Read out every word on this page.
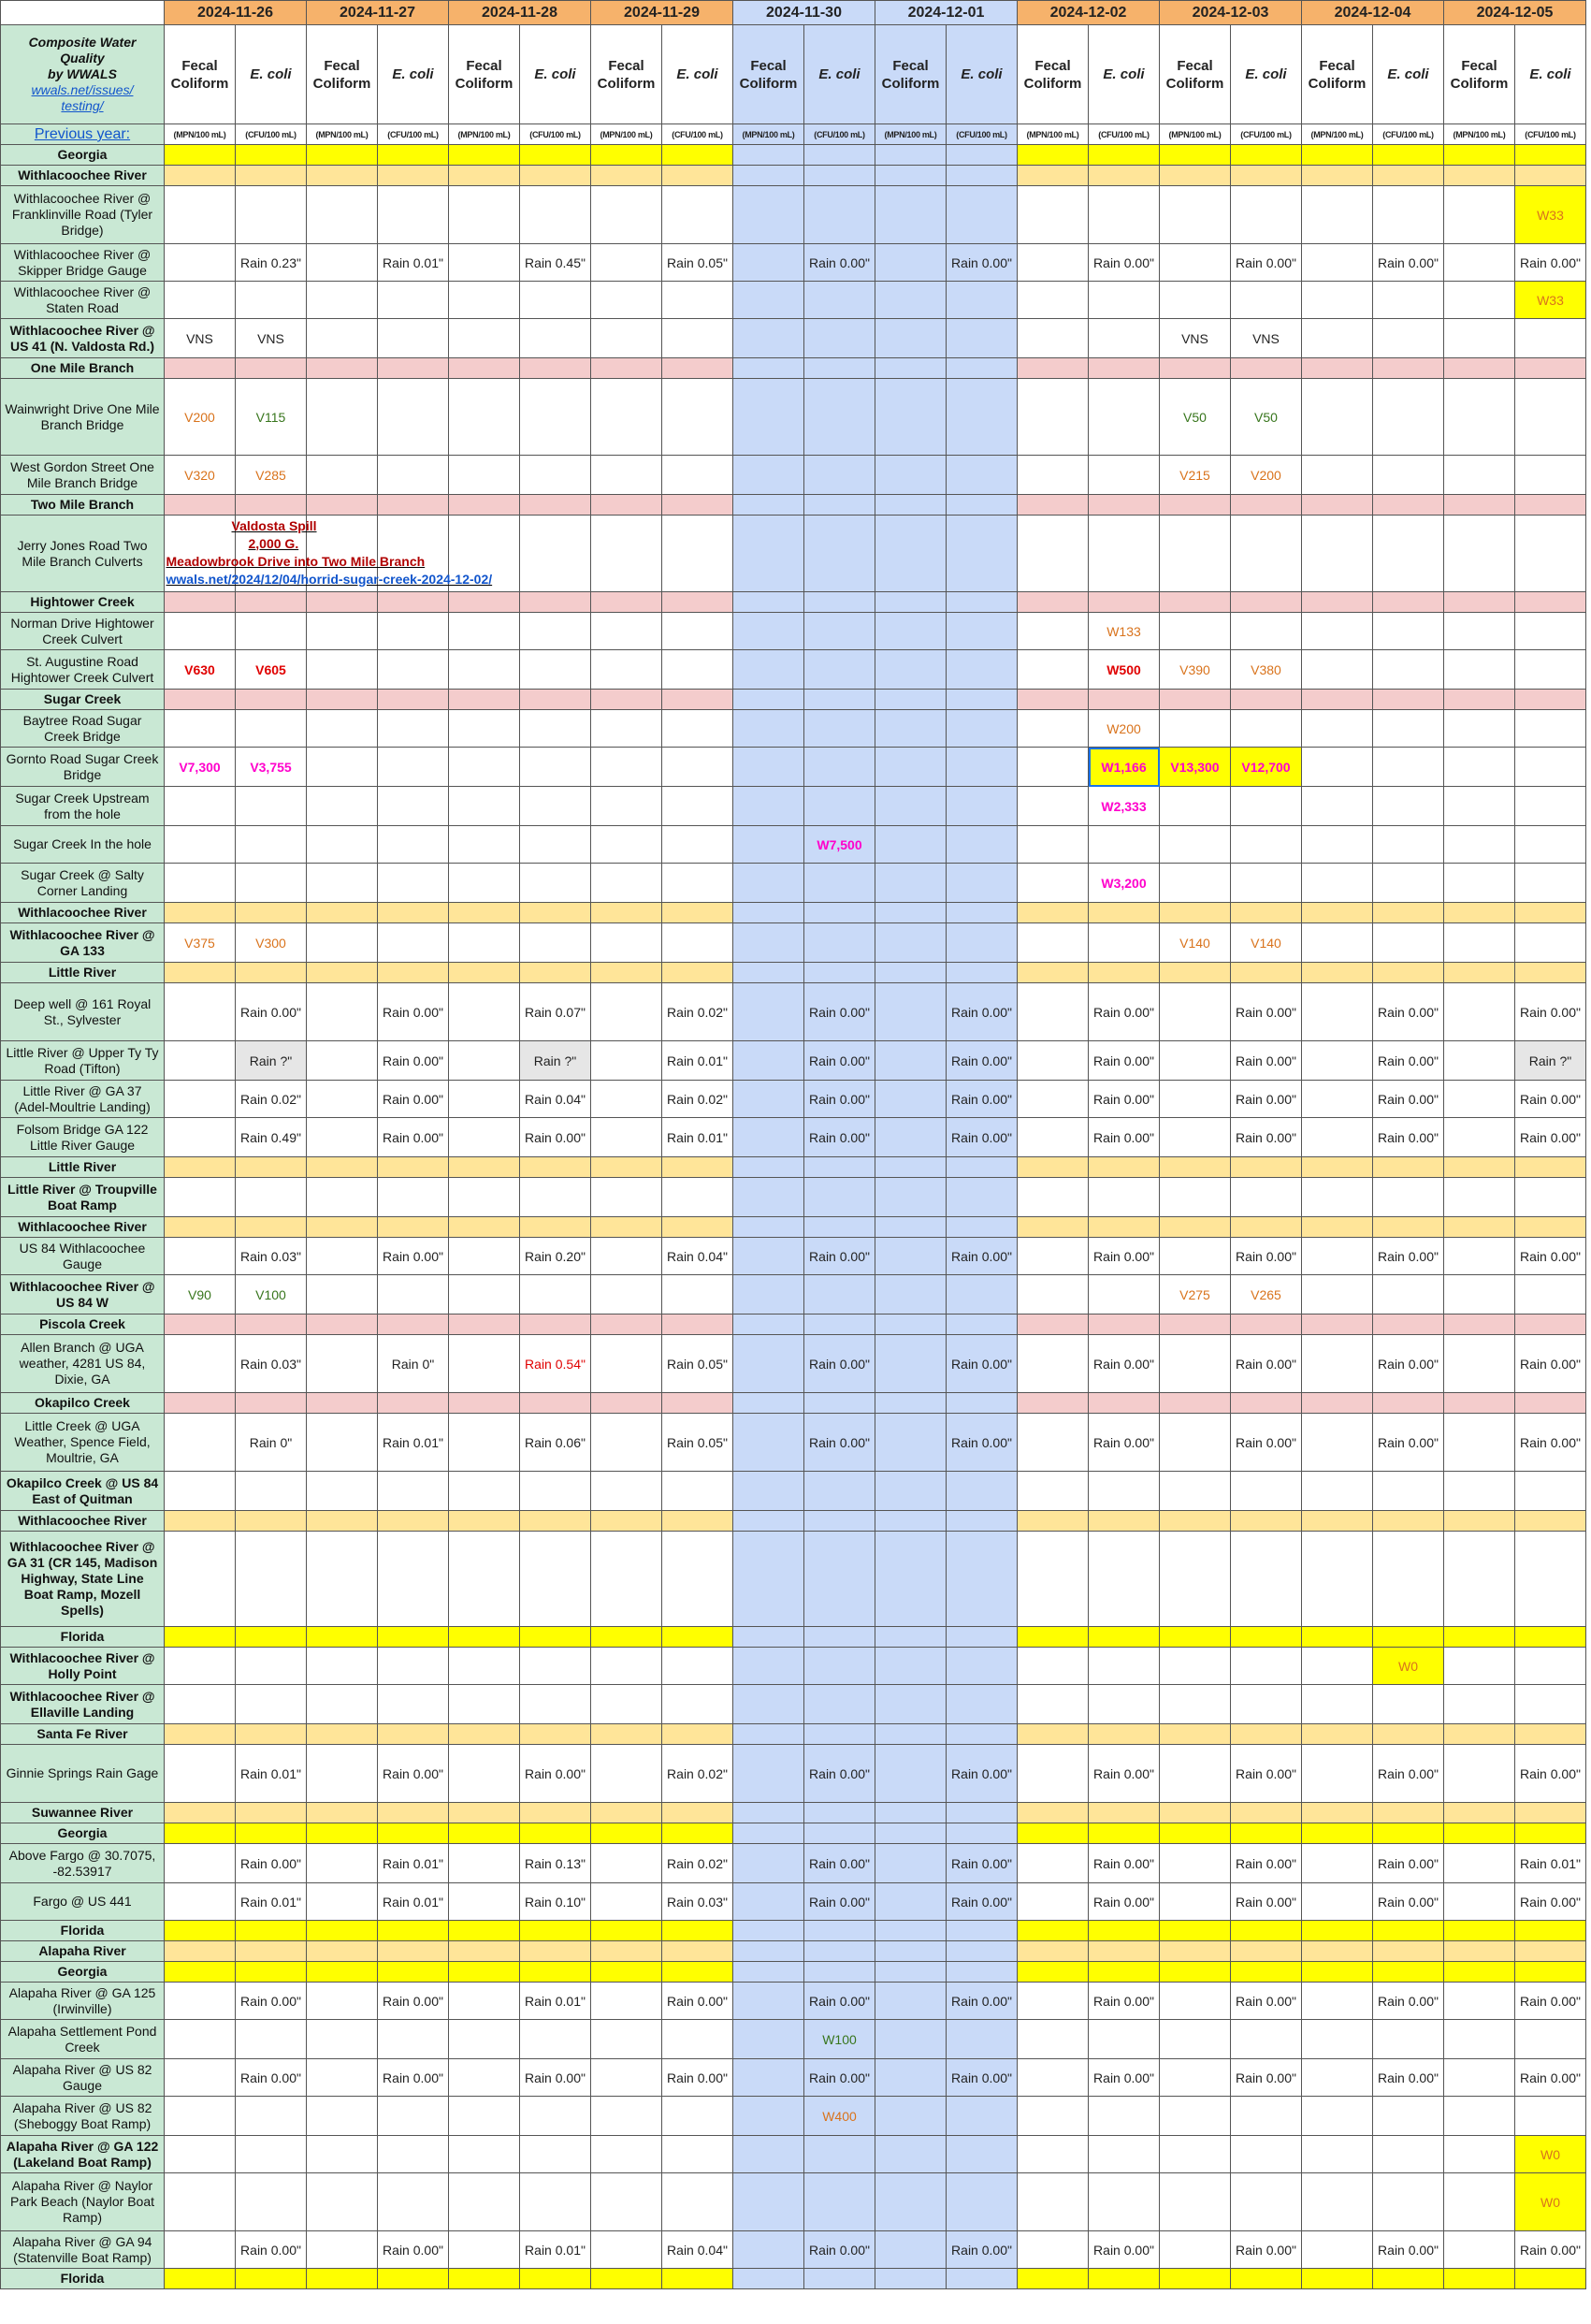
	2024-11-26		2024-11-27		2024-11-28		2024-11-29		2024-11-30		2024-12-01		2024-12-02		2024-12-03		2024-12-04		2024-12-05	

Composite Water
Quality
by WWALS
wwals.net/issues/
testing/	Fecal Coliform	E. coli	Fecal Coliform	E. coli	Fecal Coliform	E. coli	Fecal Coliform	E. coli	Fecal Coliform	E. coli	Fecal Coliform	E. coli	Fecal Coliform	E. coli	Fecal Coliform	E. coli	Fecal Coliform	E. coli	Fecal Coliform	E. coli
Previous year:	(MPN/100 mL)	(CFU/100 mL)	(MPN/100 mL)	(CFU/100 mL)	(MPN/100 mL)	(CFU/100 mL)	(MPN/100 mL)	(CFU/100 mL)	(MPN/100 mL)	(CFU/100 mL)	(MPN/100 mL)	(CFU/100 mL)	(MPN/100 mL)	(CFU/100 mL)	(MPN/100 mL)	(CFU/100 mL)	(MPN/100 mL)	(CFU/100 mL)	(MPN/100 mL)	(CFU/100 mL)
Georgia																				
Withlacoochee River																				
Withlacoochee River @ Franklinville Road (Tyler Bridge)																				W33
Withlacoochee River @ Skipper Bridge Gauge		Rain 0.23"		Rain 0.01"		Rain 0.45"		Rain 0.05"		Rain 0.00"		Rain 0.00"		Rain 0.00"		Rain 0.00"		Rain 0.00"		Rain 0.00"
Withlacoochee River @ Staten Road																				W33
Withlacoochee River @ US 41 (N. Valdosta Rd.)	VNS	VNS													VNS	VNS				
One Mile Branch																				
Wainwright Drive One Mile Branch Bridge	V200	V115													V50	V50				
West Gordon Street One Mile Branch Bridge	V320	V285													V215	V200				
Two Mile Branch																				
Jerry Jones Road Two Mile Branch Culverts																				
Hightower Creek																				
Norman Drive Hightower Creek Culvert														W133						
St. Augustine Road Hightower Creek Culvert	V630	V605												W500	V390	V380				
Sugar Creek																				
Baytree Road Sugar Creek Bridge														W200						
Gornto Road Sugar Creek Bridge	V7,300	V3,755												W1,166	V13,300	V12,700				
Sugar Creek Upstream from the hole														W2,333						
Sugar Creek In the hole										W7,500										
Sugar Creek @ Salty Corner Landing														W3,200						
Withlacoochee River																				
Withlacoochee River @ GA 133	V375	V300													V140	V140				
Little River																				
Deep well @ 161 Royal St., Sylvester		Rain 0.00"		Rain 0.00"		Rain 0.07"		Rain 0.02"		Rain 0.00"		Rain 0.00"		Rain 0.00"		Rain 0.00"		Rain 0.00"		Rain 0.00"
Little River @ Upper Ty Ty Road (Tifton)		Rain ?"		Rain 0.00"		Rain ?"		Rain 0.01"		Rain 0.00"		Rain 0.00"		Rain 0.00"		Rain 0.00"		Rain 0.00"		Rain ?"
Little River @ GA 37 (Adel-Moultrie Landing)		Rain 0.02"		Rain 0.00"		Rain 0.04"		Rain 0.02"		Rain 0.00"		Rain 0.00"		Rain 0.00"		Rain 0.00"		Rain 0.00"		Rain 0.00"
Folsom Bridge GA 122 Little River Gauge		Rain 0.49"		Rain 0.00"		Rain 0.00"		Rain 0.01"		Rain 0.00"		Rain 0.00"		Rain 0.00"		Rain 0.00"		Rain 0.00"		Rain 0.00"
Little River																				
Little River @ Troupville Boat Ramp																				
Withlacoochee River																				
US 84 Withlacoochee Gauge		Rain 0.03"		Rain 0.00"		Rain 0.20"		Rain 0.04"		Rain 0.00"		Rain 0.00"		Rain 0.00"		Rain 0.00"		Rain 0.00"		Rain 0.00"
Withlacoochee River @ US 84 W	V90	V100													V275	V265				
Piscola Creek																				
Allen Branch @ UGA weather, 4281 US 84, Dixie, GA		Rain 0.03"		Rain 0"		Rain 0.54"		Rain 0.05"		Rain 0.00"		Rain 0.00"		Rain 0.00"		Rain 0.00"		Rain 0.00"		Rain 0.00"
Okapilco Creek																				
Little Creek @ UGA Weather, Spence Field, Moultrie, GA		Rain 0"		Rain 0.01"		Rain 0.06"		Rain 0.05"		Rain 0.00"		Rain 0.00"		Rain 0.00"		Rain 0.00"		Rain 0.00"		Rain 0.00"
Okapilco Creek @ US 84 East of Quitman																				
Withlacoochee River																				
Withlacoochee River @ GA 31 (CR 145, Madison Highway, State Line Boat Ramp, Mozell Spells)																				
Florida																				
Withlacoochee River @ Holly Point																		W0		
Withlacoochee River @ Ellaville Landing																				
Santa Fe River																				
Ginnie Springs Rain Gage		Rain 0.01"		Rain 0.00"		Rain 0.00"		Rain 0.02"		Rain 0.00"		Rain 0.00"		Rain 0.00"		Rain 0.00"		Rain 0.00"		Rain 0.00"
Suwannee River																				
Georgia																				
Above Fargo @ 30.7075, -82.53917		Rain 0.00"		Rain 0.01"		Rain 0.13"		Rain 0.02"		Rain 0.00"		Rain 0.00"		Rain 0.00"		Rain 0.00"		Rain 0.00"		Rain 0.01"
Fargo @ US 441		Rain 0.01"		Rain 0.01"		Rain 0.10"		Rain 0.03"		Rain 0.00"		Rain 0.00"		Rain 0.00"		Rain 0.00"		Rain 0.00"		Rain 0.00"
Florida																				
Alapaha River																				
Georgia																				
Alapaha River @ GA 125 (Irwinville)		Rain 0.00"		Rain 0.00"		Rain 0.01"		Rain 0.00"		Rain 0.00"		Rain 0.00"		Rain 0.00"		Rain 0.00"		Rain 0.00"		Rain 0.00"
Alapaha Settlement Pond Creek										W100										
Alapaha River @ US 82 Gauge		Rain 0.00"		Rain 0.00"		Rain 0.00"		Rain 0.00"		Rain 0.00"		Rain 0.00"		Rain 0.00"		Rain 0.00"		Rain 0.00"		Rain 0.00"
Alapaha River @ US 82 (Sheboggy Boat Ramp)										W400										
Alapaha River @ GA 122 (Lakeland Boat Ramp)																				W0
Alapaha River @ Naylor Park Beach (Naylor Boat Ramp)																				W0
Alapaha River @ GA 94 (Statenville Boat Ramp)		Rain 0.00"		Rain 0.00"		Rain 0.01"		Rain 0.04"		Rain 0.00"		Rain 0.00"		Rain 0.00"		Rain 0.00"		Rain 0.00"		Rain 0.00"
Florida																				
Valdosta Spill
2,000 G.
Meadowbrook Drive into Two Mile Branch
wwals.net/2024/12/04/horrid-sugar-creek-2024-12-02/
